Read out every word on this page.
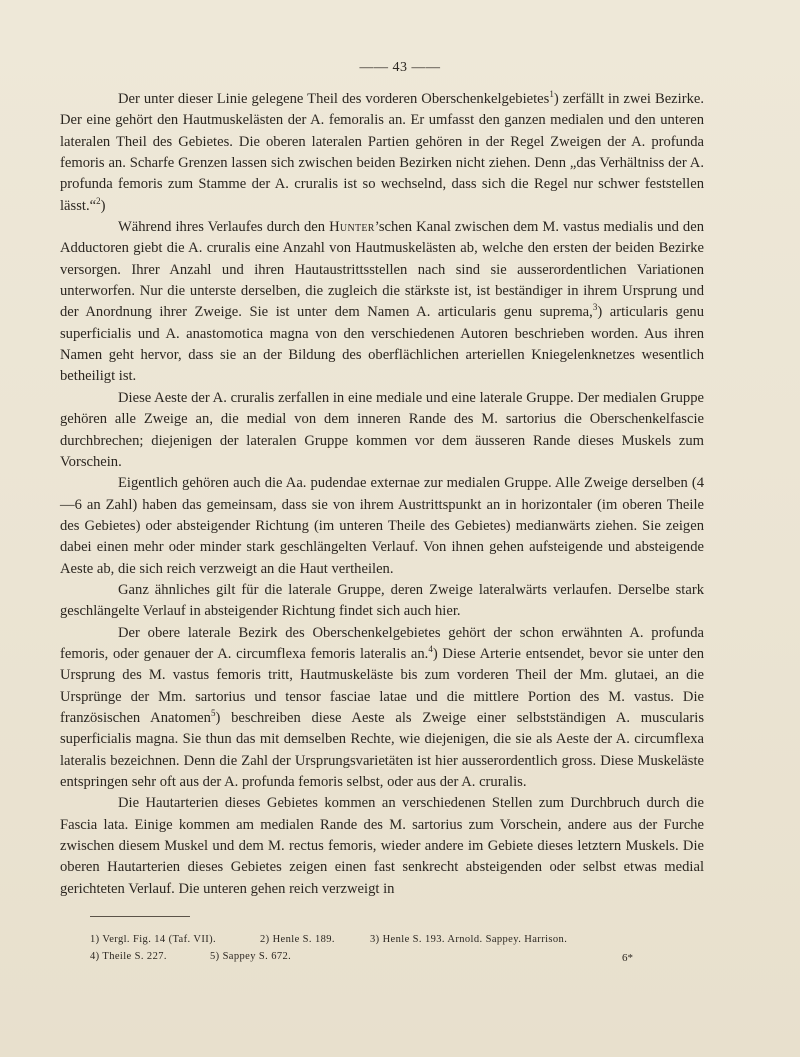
—— 43 ——

Der unter dieser Linie gelegene Theil des vorderen Oberschenkelgebietes$^1$) zerfällt in zwei Bezirke. Der eine gehört den Hautmuskelästen der A. femoralis an. Er umfasst den ganzen medialen und den unteren lateralen Theil des Gebietes. Die oberen lateralen Partien gehören in der Regel Zweigen der A. profunda femoris an. Scharfe Grenzen lassen sich zwischen beiden Bezirken nicht ziehen. Denn „das Verhältniss der A. profunda femoris zum Stamme der A. cruralis ist so wechselnd, dass sich die Regel nur schwer feststellen lässt.“$^2$)

Während ihres Verlaufes durch den Hunter’schen Kanal zwischen dem M. vastus medialis und den Adductoren giebt die A. cruralis eine Anzahl von Hautmuskelästen ab, welche den ersten der beiden Bezirke versorgen. Ihrer Anzahl und ihren Hautaustrittsstellen nach sind sie ausserordentlichen Variationen unterworfen. Nur die unterste derselben, die zugleich die stärkste ist, ist beständiger in ihrem Ursprung und der Anordnung ihrer Zweige. Sie ist unter dem Namen A. articularis genu suprema,$^3$) articularis genu superficialis und A. anastomotica magna von den verschiedenen Autoren beschrieben worden. Aus ihren Namen geht hervor, dass sie an der Bildung des oberflächlichen arteriellen Kniegelenknetzes wesentlich betheiligt ist.

Diese Aeste der A. cruralis zerfallen in eine mediale und eine laterale Gruppe. Der medialen Gruppe gehören alle Zweige an, die medial von dem inneren Rande des M. sartorius die Oberschenkelfascie durchbrechen; diejenigen der lateralen Gruppe kommen vor dem äusseren Rande dieses Muskels zum Vorschein.

Eigentlich gehören auch die Aa. pudendae externae zur medialen Gruppe. Alle Zweige derselben (4—6 an Zahl) haben das gemeinsam, dass sie von ihrem Austrittspunkt an in horizontaler (im oberen Theile des Gebietes) oder absteigender Richtung (im unteren Theile des Gebietes) medianwärts ziehen. Sie zeigen dabei einen mehr oder minder stark geschlängelten Verlauf. Von ihnen gehen aufsteigende und absteigende Aeste ab, die sich reich verzweigt an die Haut vertheilen.

Ganz ähnliches gilt für die laterale Gruppe, deren Zweige lateralwärts verlaufen. Derselbe stark geschlängelte Verlauf in absteigender Richtung findet sich auch hier.

Der obere laterale Bezirk des Oberschenkelgebietes gehört der schon erwähnten A. profunda femoris, oder genauer der A. circumflexa femoris lateralis an.$^4$) Diese Arterie entsendet, bevor sie unter den Ursprung des M. vastus femoris tritt, Hautmuskeläste bis zum vorderen Theil der Mm. glutaei, an die Ursprünge der Mm. sartorius und tensor fasciae latae und die mittlere Portion des M. vastus. Die französischen Anatomen$^5$) beschreiben diese Aeste als Zweige einer selbstständigen A. muscularis superficialis magna. Sie thun das mit demselben Rechte, wie diejenigen, die sie als Aeste der A. circumflexa lateralis bezeichnen. Denn die Zahl der Ursprungsvarietäten ist hier ausserordentlich gross. Diese Muskeläste entspringen sehr oft aus der A. profunda femoris selbst, oder aus der A. cruralis.

Die Hautarterien dieses Gebietes kommen an verschiedenen Stellen zum Durchbruch durch die Fascia lata. Einige kommen am medialen Rande des M. sartorius zum Vorschein, andere aus der Furche zwischen diesem Muskel und dem M. rectus femoris, wieder andere im Gebiete dieses letztern Muskels. Die oberen Hautarterien dieses Gebietes zeigen einen fast senkrecht absteigenden oder selbst etwas medial gerichteten Verlauf. Die unteren gehen reich verzweigt in

1) Vergl. Fig. 14 (Taf. VII).	2) Henle S. 189.	3) Henle S. 193. Arnold. Sappey. Harrison.
4) Theile S. 227.	5) Sappey S. 672.	6*
